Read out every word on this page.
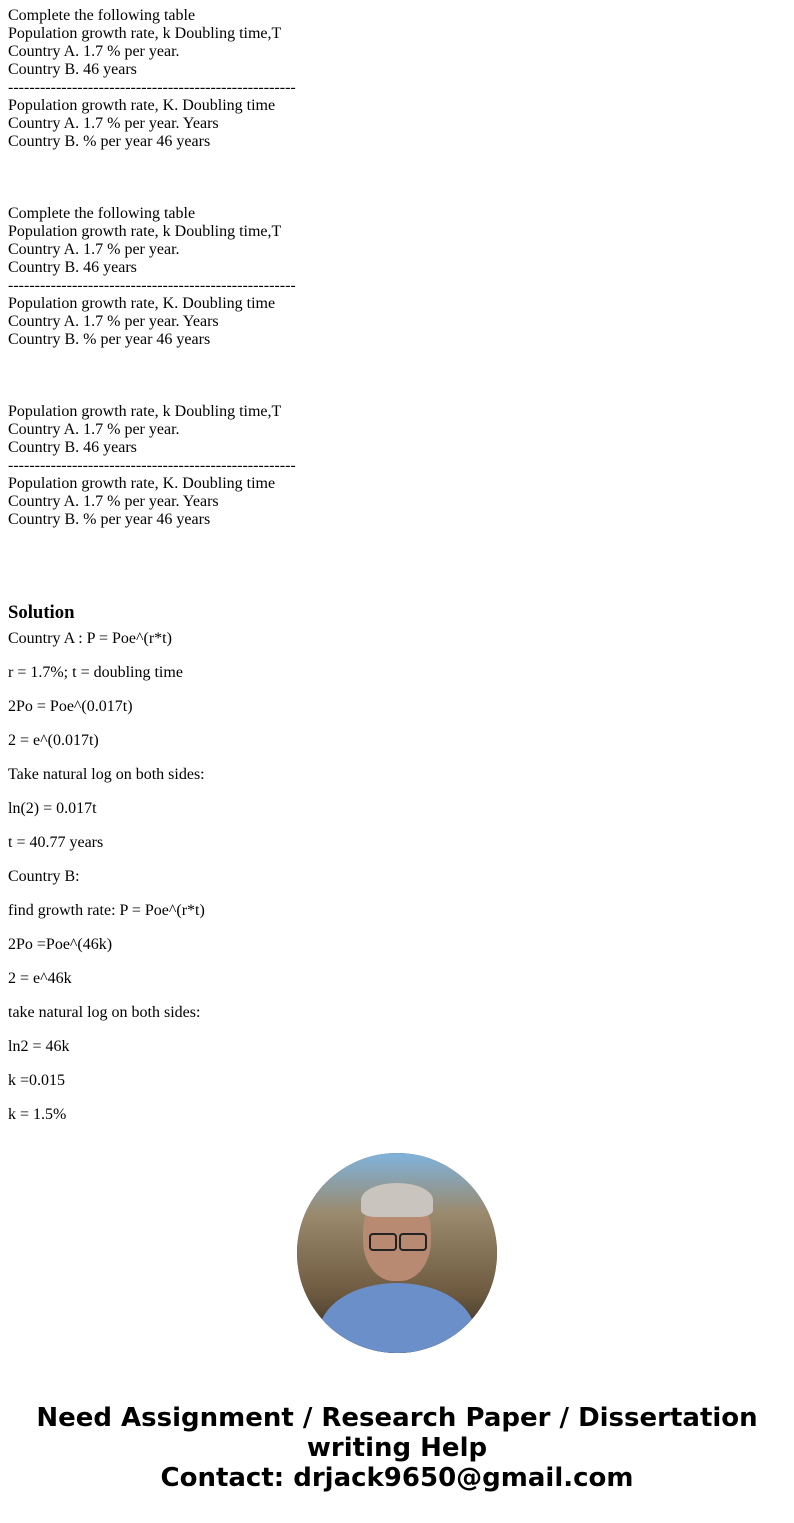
Complete the following table
Population growth rate, k Doubling time,T
Country A. 1.7 % per year.
Country B. 46 years
------------------------------------------------------
Population growth rate, K. Doubling time
Country A. 1.7 % per year. Years
Country B. % per year 46 years
Complete the following table
Population growth rate, k Doubling time,T
Country A. 1.7 % per year.
Country B. 46 years
------------------------------------------------------
Population growth rate, K. Doubling time
Country A. 1.7 % per year. Years
Country B. % per year 46 years
Population growth rate, k Doubling time,T
Country A. 1.7 % per year.
Country B. 46 years
------------------------------------------------------
Population growth rate, K. Doubling time
Country A. 1.7 % per year. Years
Country B. % per year 46 years
Solution

Country A : P = Poe^(r*t)

r = 1.7%; t = doubling time

2Po = Poe^(0.017t)

2 = e^(0.017t)

Take natural log on both sides:

ln(2) = 0.017t

t = 40.77 years

Country B:

find growth rate: P = Poe^(r*t)

2Po =Poe^(46k)

2 = e^46k

take natural log on both sides:

ln2 = 46k

k =0.015

k = 1.5%

Need Assignment / Research Paper / Dissertation
writing Help
Contact: drjack9650@gmail.com
